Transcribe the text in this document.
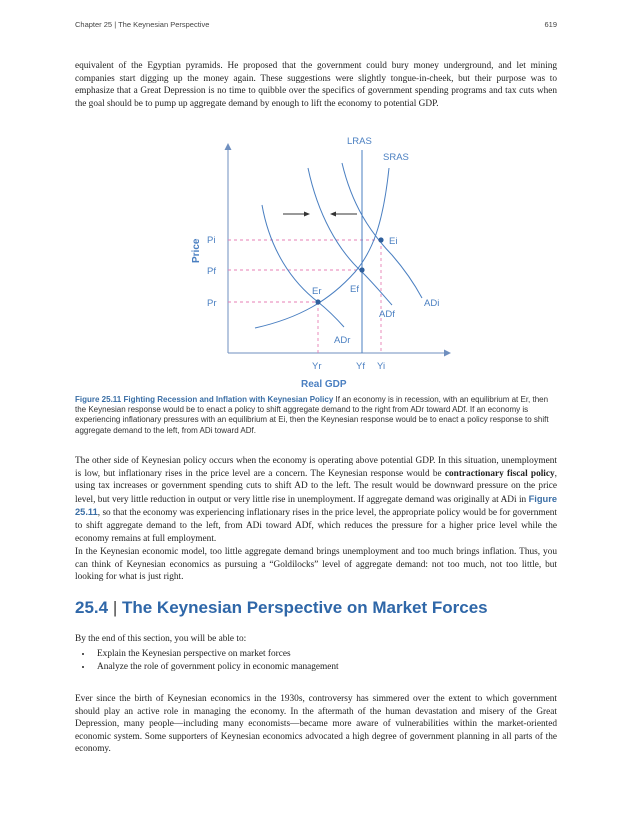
Chapter 25 | The Keynesian Perspective	619

equivalent of the Egyptian pyramids. He proposed that the government could bury money underground, and let mining companies start digging up the money again. These suggestions were slightly tongue-in-cheek, but their purpose was to emphasize that a Great Depression is no time to quibble over the specifics of government spending programs and tax cuts when the goal should be to pump up aggregate demand by enough to lift the economy to potential GDP.

Price
LRAS
SRAS
ADi
ADf
ADr
Ei
Ef
Er
Pi
Pf
Pr
Yr	Yf Yi
Real GDP
Figure 25.11 Fighting Recession and Inflation with Keynesian Policy If an economy is in recession, with an equilibrium at Er, then the Keynesian response would be to enact a policy to shift aggregate demand to the right from ADr toward ADf. If an economy is experiencing inflationary pressures with an equilibrium at Ei, then the Keynesian response would be to enact a policy response to shift aggregate demand to the left, from ADi toward ADf.

The other side of Keynesian policy occurs when the economy is operating above potential GDP. In this situation, unemployment is low, but inflationary rises in the price level are a concern. The Keynesian response would be contractionary fiscal policy, using tax increases or government spending cuts to shift AD to the left. The result would be downward pressure on the price level, but very little reduction in output or very little rise in unemployment. If aggregate demand was originally at ADi in Figure 25.11, so that the economy was experiencing inflationary rises in the price level, the appropriate policy would be for government to shift aggregate demand to the left, from ADi toward ADf, which reduces the pressure for a higher price level while the economy remains at full employment.

In the Keynesian economic model, too little aggregate demand brings unemployment and too much brings inflation. Thus, you can think of Keynesian economics as pursuing a “Goldilocks” level of aggregate demand: not too much, not too little, but looking for what is just right.

25.4 | The Keynesian Perspective on Market Forces

By the end of this section, you will be able to:

• Explain the Keynesian perspective on market forces
• Analyze the role of government policy in economic management

Ever since the birth of Keynesian economics in the 1930s, controversy has simmered over the extent to which government should play an active role in managing the economy. In the aftermath of the human devastation and misery of the Great Depression, many people—including many economists—became more aware of vulnerabilities within the market-oriented economic system. Some supporters of Keynesian economics advocated a high degree of government planning in all parts of the economy.
